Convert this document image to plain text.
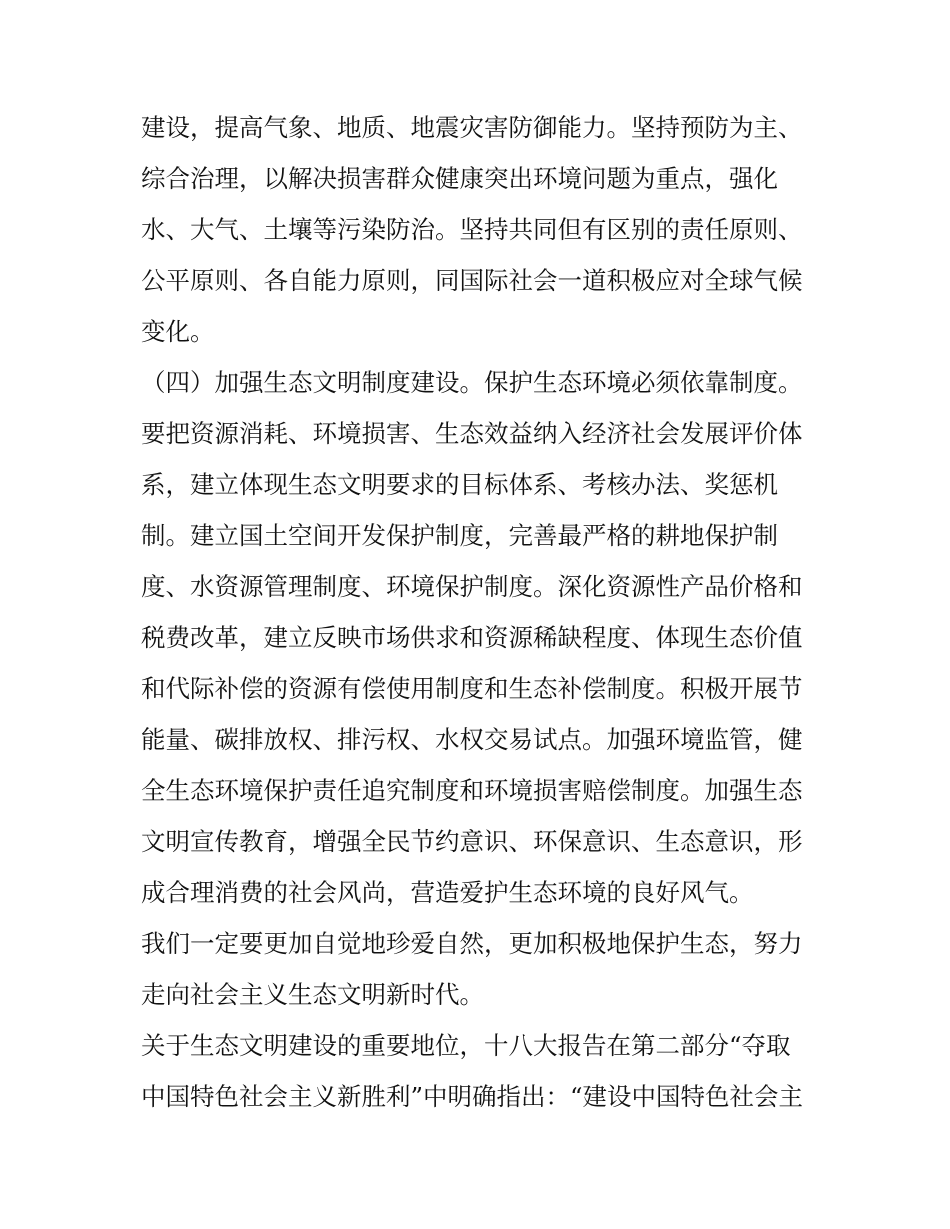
建设，提高气象、地质、地震灾害防御能力。坚持预防为主、
综合治理，以解决损害群众健康突出环境问题为重点，强化
水、大气、土壤等污染防治。坚持共同但有区别的责任原则、
公平原则、各自能力原则，同国际社会一道积极应对全球气候
变化。
（四）加强生态文明制度建设。保护生态环境必须依靠制度。
要把资源消耗、环境损害、生态效益纳入经济社会发展评价体
系，建立体现生态文明要求的目标体系、考核办法、奖惩机
制。建立国土空间开发保护制度，完善最严格的耕地保护制
度、水资源管理制度、环境保护制度。深化资源性产品价格和
税费改革，建立反映市场供求和资源稀缺程度、体现生态价值
和代际补偿的资源有偿使用制度和生态补偿制度。积极开展节
能量、碳排放权、排污权、水权交易试点。加强环境监管，健
全生态环境保护责任追究制度和环境损害赔偿制度。加强生态
文明宣传教育，增强全民节约意识、环保意识、生态意识，形
成合理消费的社会风尚，营造爱护生态环境的良好风气。
我们一定要更加自觉地珍爱自然，更加积极地保护生态，努力
走向社会主义生态文明新时代。
关于生态文明建设的重要地位，十八大报告在第二部分“夺取
中国特色社会主义新胜利”中明确指出：“建设中国特色社会主
